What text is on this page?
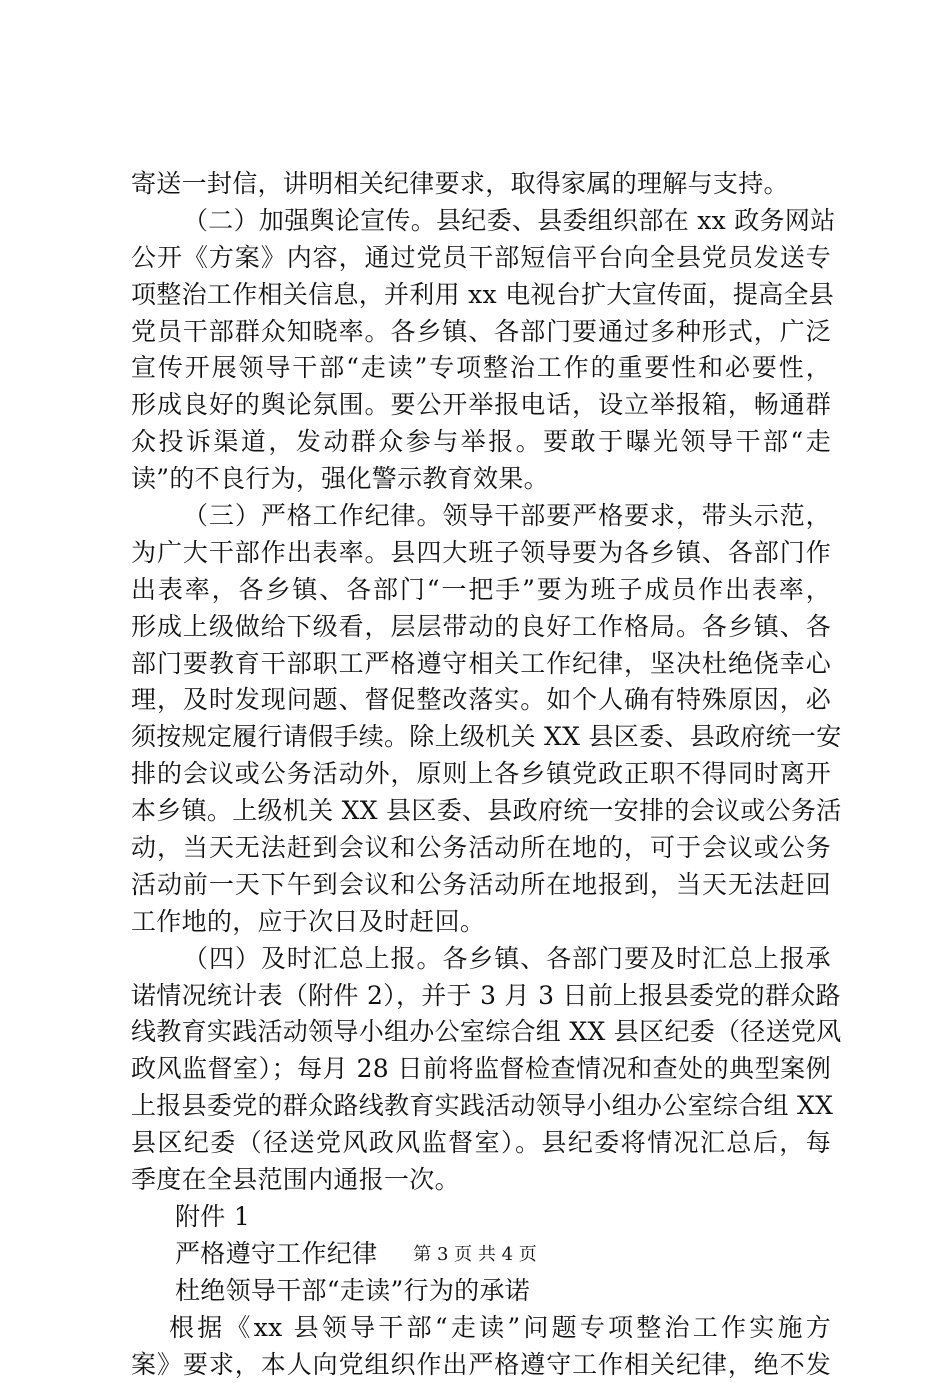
寄送一封信，讲明相关纪律要求，取得家属的理解与支持。
（二）加强舆论宣传。县纪委、县委组织部在 xx 政务网站
公开《方案》内容，通过党员干部短信平台向全县党员发送专
项整治工作相关信息，并利用 xx 电视台扩大宣传面，提高全县
党员干部群众知晓率。各乡镇、各部门要通过多种形式，广泛
宣传开展领导干部“走读”专项整治工作的重要性和必要性，
形成良好的舆论氛围。要公开举报电话，设立举报箱，畅通群
众投诉渠道，发动群众参与举报。要敢于曝光领导干部“走
读”的不良行为，强化警示教育效果。
（三）严格工作纪律。领导干部要严格要求，带头示范，
为广大干部作出表率。县四大班子领导要为各乡镇、各部门作
出表率，各乡镇、各部门“一把手”要为班子成员作出表率，
形成上级做给下级看，层层带动的良好工作格局。各乡镇、各
部门要教育干部职工严格遵守相关工作纪律，坚决杜绝侥幸心
理，及时发现问题、督促整改落实。如个人确有特殊原因，必
须按规定履行请假手续。除上级机关 XX 县区委、县政府统一安
排的会议或公务活动外，原则上各乡镇党政正职不得同时离开
本乡镇。上级机关 XX 县区委、县政府统一安排的会议或公务活
动，当天无法赶到会议和公务活动所在地的，可于会议或公务
活动前一天下午到会议和公务活动所在地报到，当天无法赶回
工作地的，应于次日及时赶回。
（四）及时汇总上报。各乡镇、各部门要及时汇总上报承
诺情况统计表（附件 2），并于 3 月 3 日前上报县委党的群众路
线教育实践活动领导小组办公室综合组 XX 县区纪委（径送党风
政风监督室）；每月 28 日前将监督检查情况和查处的典型案例
上报县委党的群众路线教育实践活动领导小组办公室综合组 XX
县区纪委（径送党风政风监督室）。县纪委将情况汇总后，每
季度在全县范围内通报一次。
附件 1
严格遵守工作纪律
杜绝领导干部“走读”行为的承诺
根据《xx 县领导干部“走读”问题专项整治工作实施方
案》要求，本人向党组织作出严格遵守工作相关纪律，绝不发
第 3 页 共 4 页
